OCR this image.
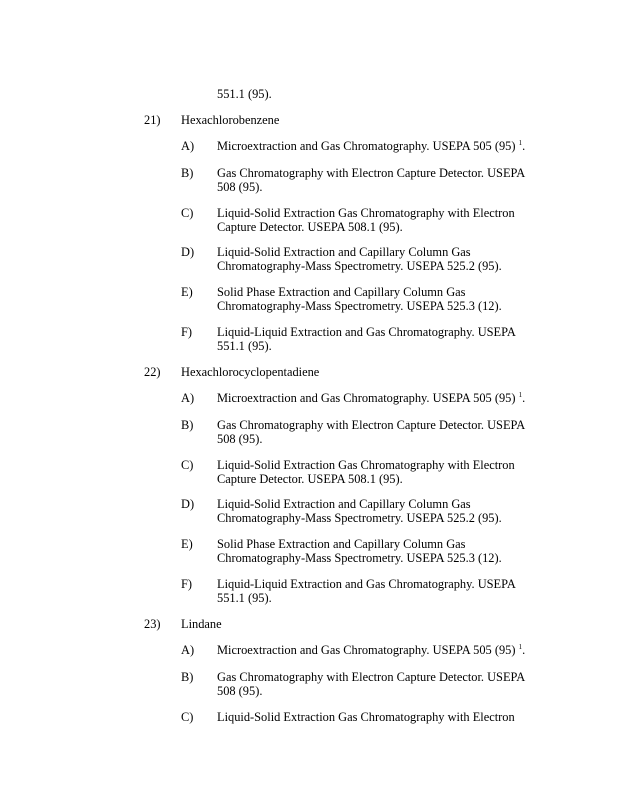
551.1 (95).
21) Hexachlorobenzene
A) Microextraction and Gas Chromatography. USEPA 505 (95) $^1$.
B) Gas Chromatography with Electron Capture Detector. USEPA
508 (95).
C) Liquid-Solid Extraction Gas Chromatography with Electron
Capture Detector. USEPA 508.1 (95).
D) Liquid-Solid Extraction and Capillary Column Gas
Chromatography-Mass Spectrometry. USEPA 525.2 (95).
E) Solid Phase Extraction and Capillary Column Gas
Chromatography-Mass Spectrometry. USEPA 525.3 (12).
F) Liquid-Liquid Extraction and Gas Chromatography. USEPA
551.1 (95).
22) Hexachlorocyclopentadiene
A) Microextraction and Gas Chromatography. USEPA 505 (95) $^1$.
B) Gas Chromatography with Electron Capture Detector. USEPA
508 (95).
C) Liquid-Solid Extraction Gas Chromatography with Electron
Capture Detector. USEPA 508.1 (95).
D) Liquid-Solid Extraction and Capillary Column Gas
Chromatography-Mass Spectrometry. USEPA 525.2 (95).
E) Solid Phase Extraction and Capillary Column Gas
Chromatography-Mass Spectrometry. USEPA 525.3 (12).
F) Liquid-Liquid Extraction and Gas Chromatography. USEPA
551.1 (95).
23) Lindane
A) Microextraction and Gas Chromatography. USEPA 505 (95) $^1$.
B) Gas Chromatography with Electron Capture Detector. USEPA
508 (95).
C) Liquid-Solid Extraction Gas Chromatography with Electron
